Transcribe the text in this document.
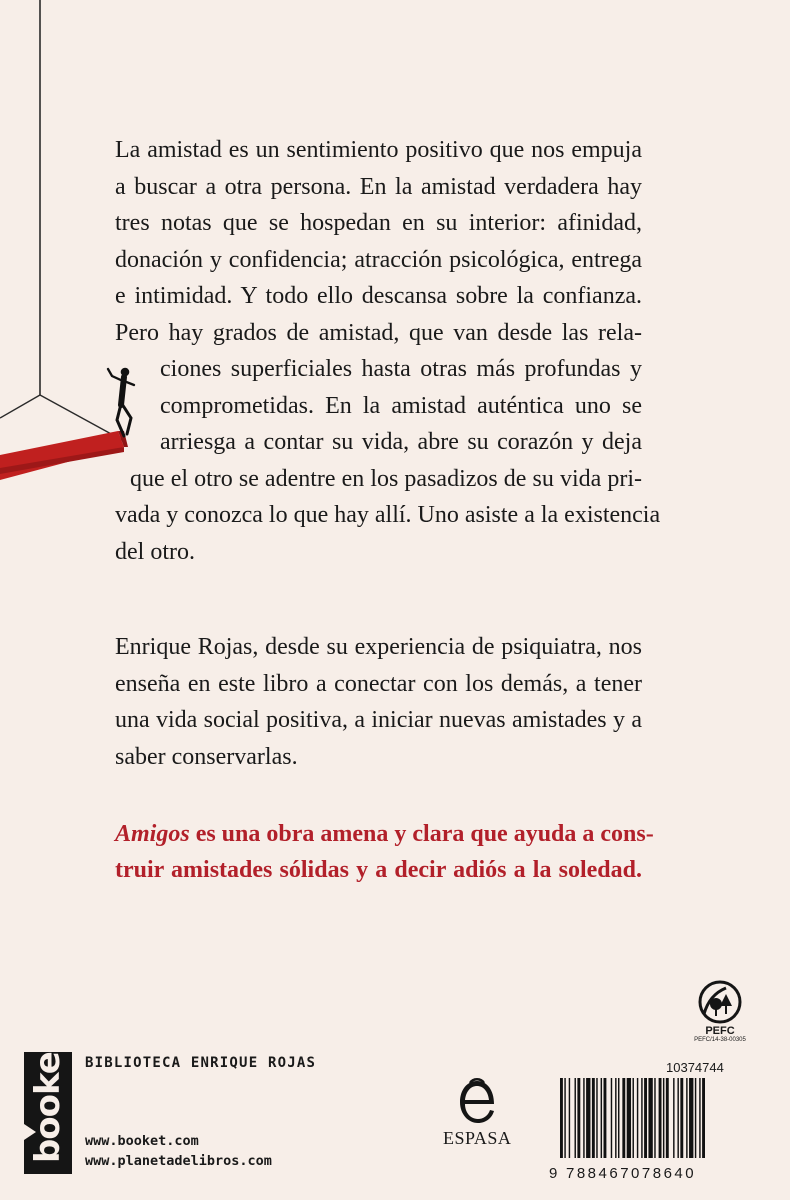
La amistad es un sentimiento positivo que nos empuja
a buscar a otra persona. En la amistad verdadera hay
tres notas que se hospedan en su interior: afinidad,
donación y confidencia; atracción psicológica, entrega
e intimidad. Y todo ello descansa sobre la confianza.
Pero hay grados de amistad, que van desde las rela-
ciones superficiales hasta otras más profundas y
comprometidas. En la amistad auténtica uno se
arriesga a contar su vida, abre su corazón y deja
que el otro se adentre en los pasadizos de su vida pri-
vada y conozca lo que hay allí. Uno asiste a la existencia
del otro.
Enrique Rojas, desde su experiencia de psiquiatra, nos
enseña en este libro a conectar con los demás, a tener
una vida social positiva, a iniciar nuevas amistades y a
saber conservarlas.
Amigos es una obra amena y clara que ayuda a cons-
truir amistades sólidas y a decir adiós a la soledad.
booket BIBLIOTECA ENRIQUE ROJAS
www.booket.com
www.planetadelibros.com
ESPASA
PEFC
PEFC/14-38-00305
10374744
9 788467078640
